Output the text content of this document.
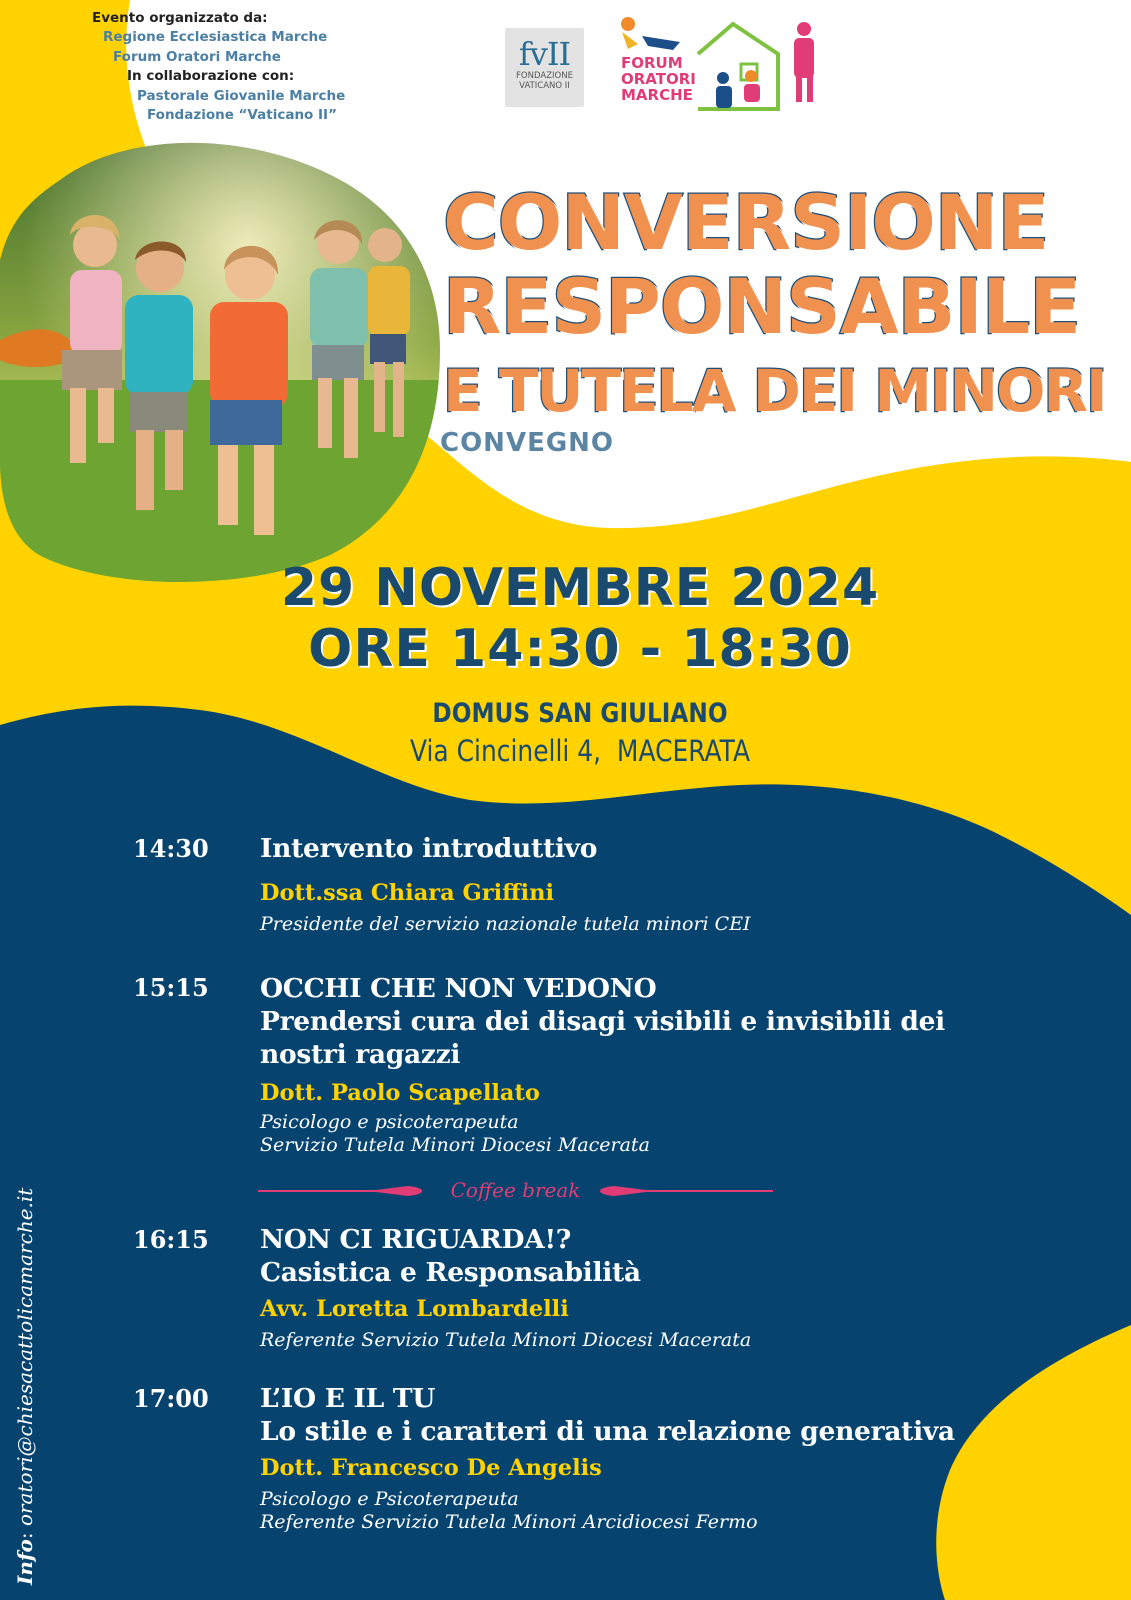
Evento organizzato da:
Regione Ecclesiastica Marche
Forum Oratori Marche
In collaborazione con:
Pastorale Giovanile Marche
Fondazione “Vaticano II”
fvII
FONDAZIONE
VATICANO II
FORUM
ORATORI
MARCHE
CONVERSIONE
RESPONSABILE
E TUTELA DEI MINORI
CONVEGNO
29 NOVEMBRE 2024
ORE 14:30 - 18:30
DOMUS SAN GIULIANO
Via Cincinelli 4,  MACERATA
14:30 Intervento introduttivo
Dott.ssa Chiara Griffini
Presidente del servizio nazionale tutela minori CEI
15:15 OCCHI CHE NON VEDONO
Prendersi cura dei disagi visibili e invisibili dei
nostri ragazzi
Dott. Paolo Scapellato
Psicologo e psicoterapeuta
Servizio Tutela Minori Diocesi Macerata
Coffee break
16:15 NON CI RIGUARDA!?
Casistica e Responsabilità
Avv. Loretta Lombardelli
Referente Servizio Tutela Minori Diocesi Macerata
17:00 L’IO E IL TU
Lo stile e i caratteri di una relazione generativa
Dott. Francesco De Angelis
Psicologo e Psicoterapeuta
Referente Servizio Tutela Minori Arcidiocesi Fermo
Info: oratori@chiesacattolicamarche.it
